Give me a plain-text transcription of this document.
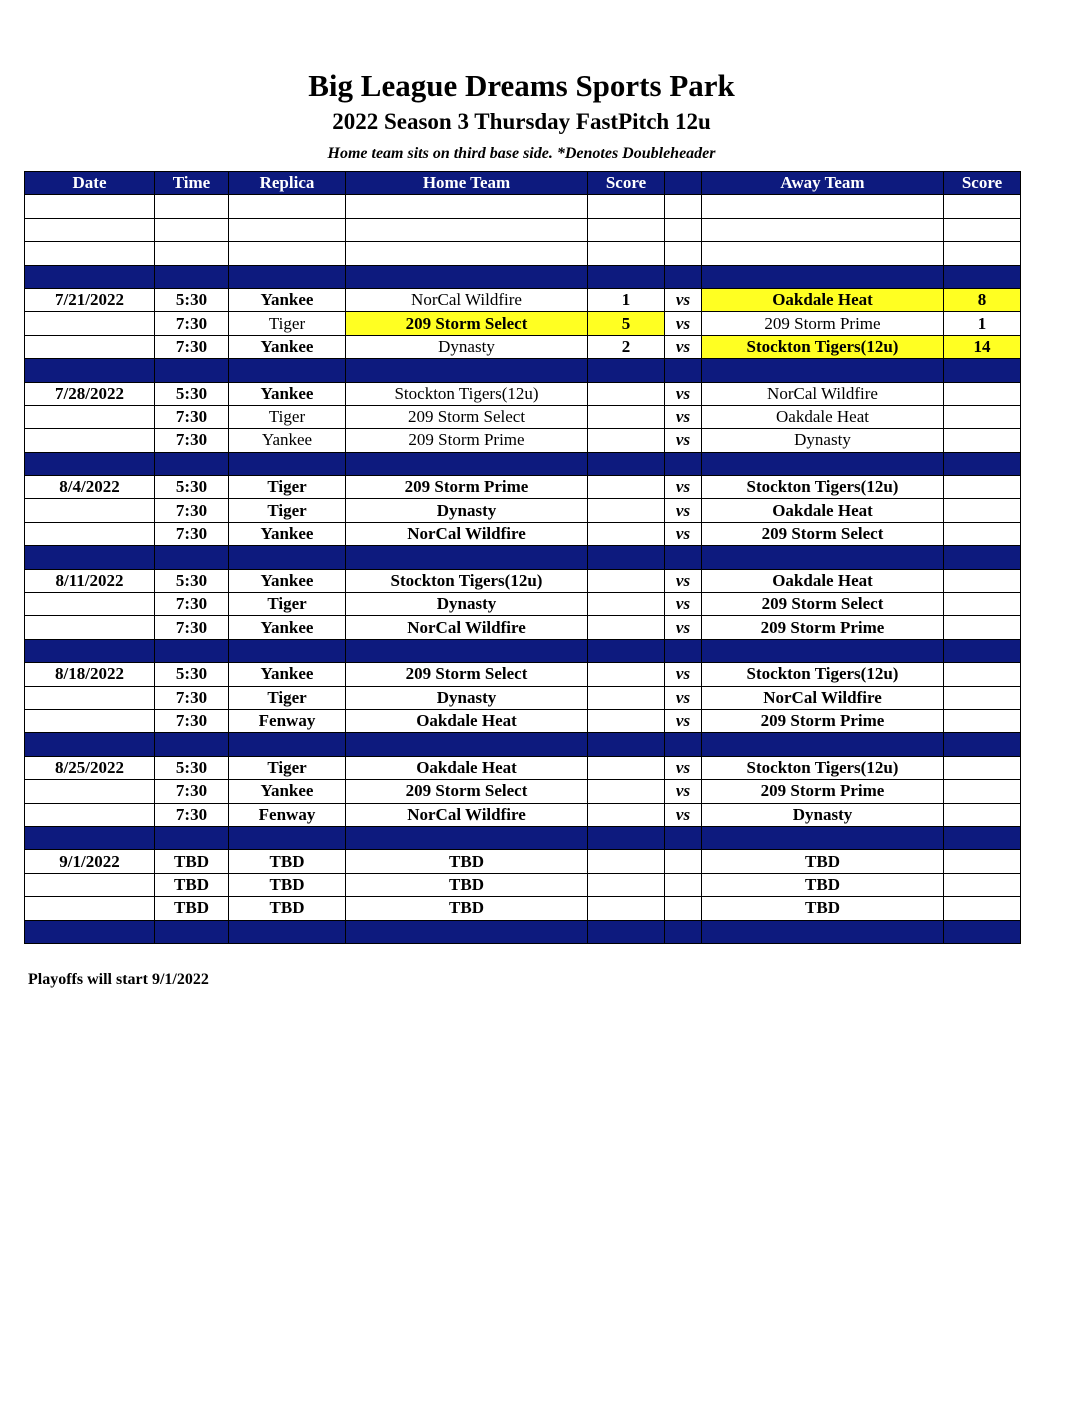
Big League Dreams Sports Park
2022 Season 3 Thursday FastPitch 12u
Home team sits on third base side. *Denotes Doubleheader
Date	Time	Replica	Home Team	Score		Away Team	Score

7/21/2022	5:30	Yankee	NorCal Wildfire	1	vs	Oakdale Heat	8
	7:30	Tiger	209 Storm Select	5	vs	209 Storm Prime	1
	7:30	Yankee	Dynasty	2	vs	Stockton Tigers(12u)	14

7/28/2022	5:30	Yankee	Stockton Tigers(12u)		vs	NorCal Wildfire	
	7:30	Tiger	209 Storm Select		vs	Oakdale Heat	
	7:30	Yankee	209 Storm Prime		vs	Dynasty	

8/4/2022	5:30	Tiger	209 Storm Prime		vs	Stockton Tigers(12u)	
	7:30	Tiger	Dynasty		vs	Oakdale Heat	
	7:30	Yankee	NorCal Wildfire		vs	209 Storm Select	

8/11/2022	5:30	Yankee	Stockton Tigers(12u)		vs	Oakdale Heat	
	7:30	Tiger	Dynasty		vs	209 Storm Select	
	7:30	Yankee	NorCal Wildfire		vs	209 Storm Prime	

8/18/2022	5:30	Yankee	209 Storm Select		vs	Stockton Tigers(12u)	
	7:30	Tiger	Dynasty		vs	NorCal Wildfire	
	7:30	Fenway	Oakdale Heat		vs	209 Storm Prime	

8/25/2022	5:30	Tiger	Oakdale Heat		vs	Stockton Tigers(12u)	
	7:30	Yankee	209 Storm Select		vs	209 Storm Prime	
	7:30	Fenway	NorCal Wildfire		vs	Dynasty	

9/1/2022	TBD	TBD	TBD			TBD	
	TBD	TBD	TBD			TBD	
	TBD	TBD	TBD			TBD	

Playoffs will start 9/1/2022
